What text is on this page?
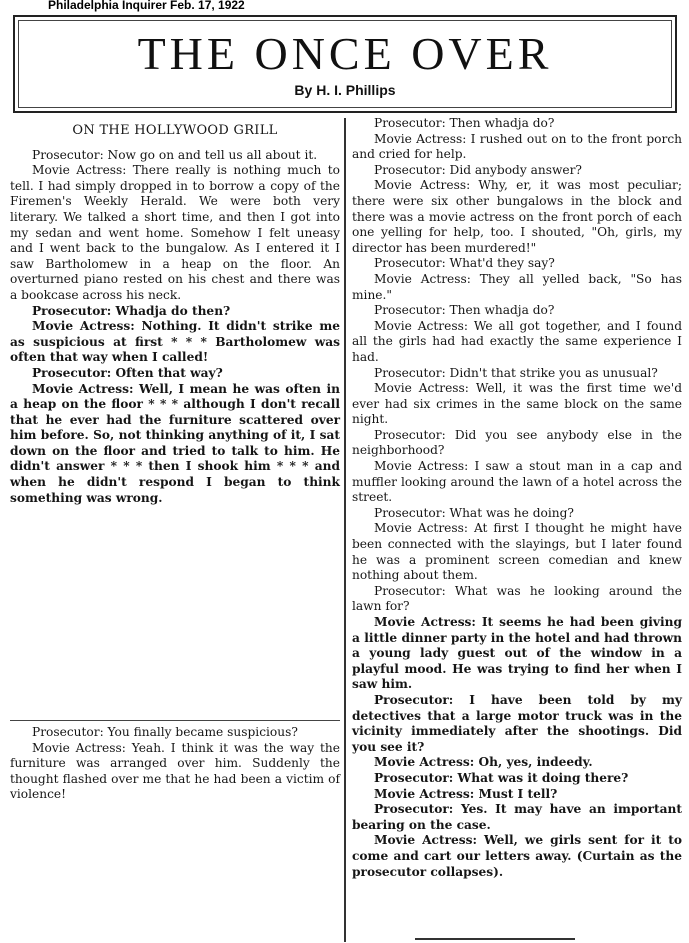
Philadelphia Inquirer Feb. 17, 1922
THE ONCE OVER
By H. I. Phillips

ON THE HOLLYWOOD GRILL

Prosecutor: Now go on and tell us all about it.

Movie Actress: There really is nothing much to tell. I had simply dropped in to borrow a copy of the Firemen's Weekly Herald. We were both very literary. We talked a short time, and then I got into my sedan and went home. Somehow I felt uneasy and I went back to the bungalow. As I entered it I saw Bartholomew in a heap on the floor. An overturned piano rested on his chest and there was a bookcase across his neck.

Prosecutor: Whadja do then?

Movie Actress: Nothing. It didn't strike me as suspicious at first * * * Bartholomew was often that way when I called!

Prosecutor: Often that way?

Movie Actress: Well, I mean he was often in a heap on the floor * * * although I don't recall that he ever had the furniture scattered over him before. So, not thinking anything of it, I sat down on the floor and tried to talk to him. He didn't answer * * * then I shook him * * * and when he didn't respond I began to think something was wrong.

Prosecutor: You finally became suspicious?

Movie Actress: Yeah. I think it was the way the furniture was arranged over him. Suddenly the thought flashed over me that he had been a victim of violence!

Prosecutor: Then whadja do?

Movie Actress: I rushed out on to the front porch and cried for help.

Prosecutor: Did anybody answer?

Movie Actress: Why, er, it was most peculiar; there were six other bungalows in the block and there was a movie actress on the front porch of each one yelling for help, too. I shouted, "Oh, girls, my director has been murdered!"

Prosecutor: What'd they say?

Movie Actress: They all yelled back, "So has mine."

Prosecutor: Then whadja do?

Movie Actress: We all got together, and I found all the girls had had exactly the same experience I had.

Prosecutor: Didn't that strike you as unusual?

Movie Actress: Well, it was the first time we'd ever had six crimes in the same block on the same night.

Prosecutor: Did you see anybody else in the neighborhood?

Movie Actress: I saw a stout man in a cap and muffler looking around the lawn of a hotel across the street.

Prosecutor: What was he doing?

Movie Actress: At first I thought he might have been connected with the slayings, but I later found he was a prominent screen comedian and knew nothing about them.

Prosecutor: What was he looking around the lawn for?

Movie Actress: It seems he had been giving a little dinner party in the hotel and had thrown a young lady guest out of the window in a playful mood. He was trying to find her when I saw him.

Prosecutor: I have been told by my detectives that a large motor truck was in the vicinity immediately after the shootings. Did you see it?

Movie Actress: Oh, yes, indeedy.

Prosecutor: What was it doing there?

Movie Actress: Must I tell?

Prosecutor: Yes. It may have an important bearing on the case.

Movie Actress: Well, we girls sent for it to come and cart our letters away. (Curtain as the prosecutor collapses).
